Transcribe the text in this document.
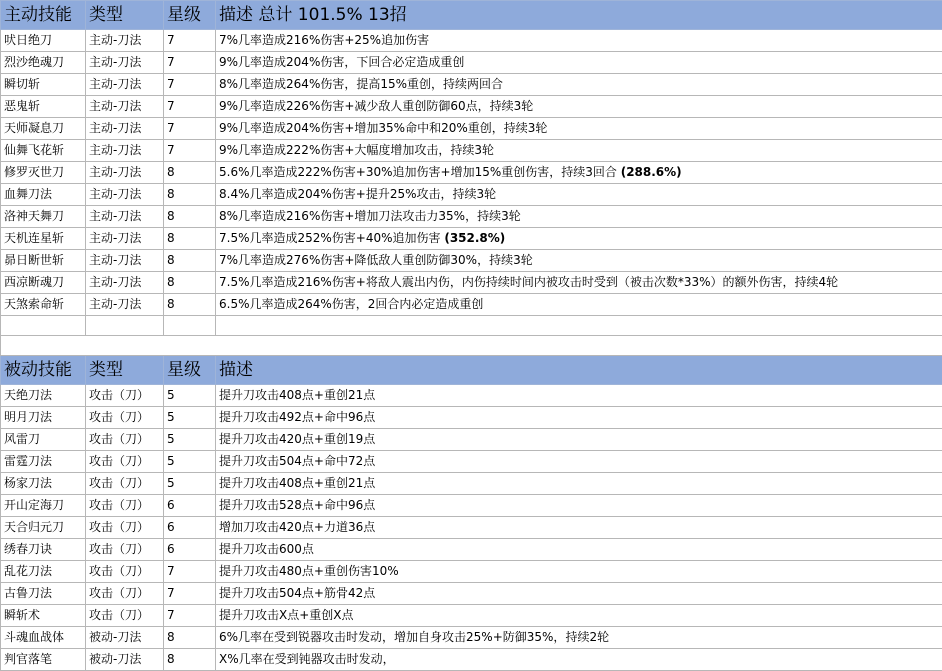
主动技能	类型	星级	描述 总计 101.5% 13招
吠日绝刀	主动-刀法	7	7%几率造成216%伤害+25%追加伤害
烈沙绝魂刀	主动-刀法	7	9%几率造成204%伤害，下回合必定造成重创
瞬切斩	主动-刀法	7	8%几率造成264%伤害，提高15%重创，持续两回合
恶鬼斩	主动-刀法	7	9%几率造成226%伤害+减少敌人重创防御60点，持续3轮
天师凝息刀	主动-刀法	7	9%几率造成204%伤害+增加35%命中和20%重创，持续3轮
仙舞飞花斩	主动-刀法	7	9%几率造成222%伤害+大幅度增加攻击，持续3轮
修罗灭世刀	主动-刀法	8	5.6%几率造成222%伤害+30%追加伤害+增加15%重创伤害，持续3回合 (288.6%)
血舞刀法	主动-刀法	8	8.4%几率造成204%伤害+提升25%攻击，持续3轮
洛神天舞刀	主动-刀法	8	8%几率造成216%伤害+增加刀法攻击力35%，持续3轮
天机连星斩	主动-刀法	8	7.5%几率造成252%伤害+40%追加伤害 (352.8%)
昴日断世斩	主动-刀法	8	7%几率造成276%伤害+降低敌人重创防御30%，持续3轮
西凉断魂刀	主动-刀法	8	7.5%几率造成216%伤害+将敌人震出内伤，内伤持续时间内被攻击时受到（被击次数*33%）的额外伤害，持续4轮
天煞索命斩	主动-刀法	8	6.5%几率造成264%伤害，2回合内必定造成重创

被动技能	类型	星级	描述
天绝刀法	攻击（刀）	5	提升刀攻击408点+重创21点
明月刀法	攻击（刀）	5	提升刀攻击492点+命中96点
风雷刀	攻击（刀）	5	提升刀攻击420点+重创19点
雷霆刀法	攻击（刀）	5	提升刀攻击504点+命中72点
杨家刀法	攻击（刀）	5	提升刀攻击408点+重创21点
开山定海刀	攻击（刀）	6	提升刀攻击528点+命中96点
天合归元刀	攻击（刀）	6	增加刀攻击420点+力道36点
绣春刀诀	攻击（刀）	6	提升刀攻击600点
乱花刀法	攻击（刀）	7	提升刀攻击480点+重创伤害10%
古鲁刀法	攻击（刀）	7	提升刀攻击504点+筋骨42点
瞬斩术	攻击（刀）	7	提升刀攻击X点+重创X点
斗魂血战体	被动-刀法	8	6%几率在受到锐器攻击时发动，增加自身攻击25%+防御35%，持续2轮
判官落笔	被动-刀法	8	X%几率在受到钝器攻击时发动，
